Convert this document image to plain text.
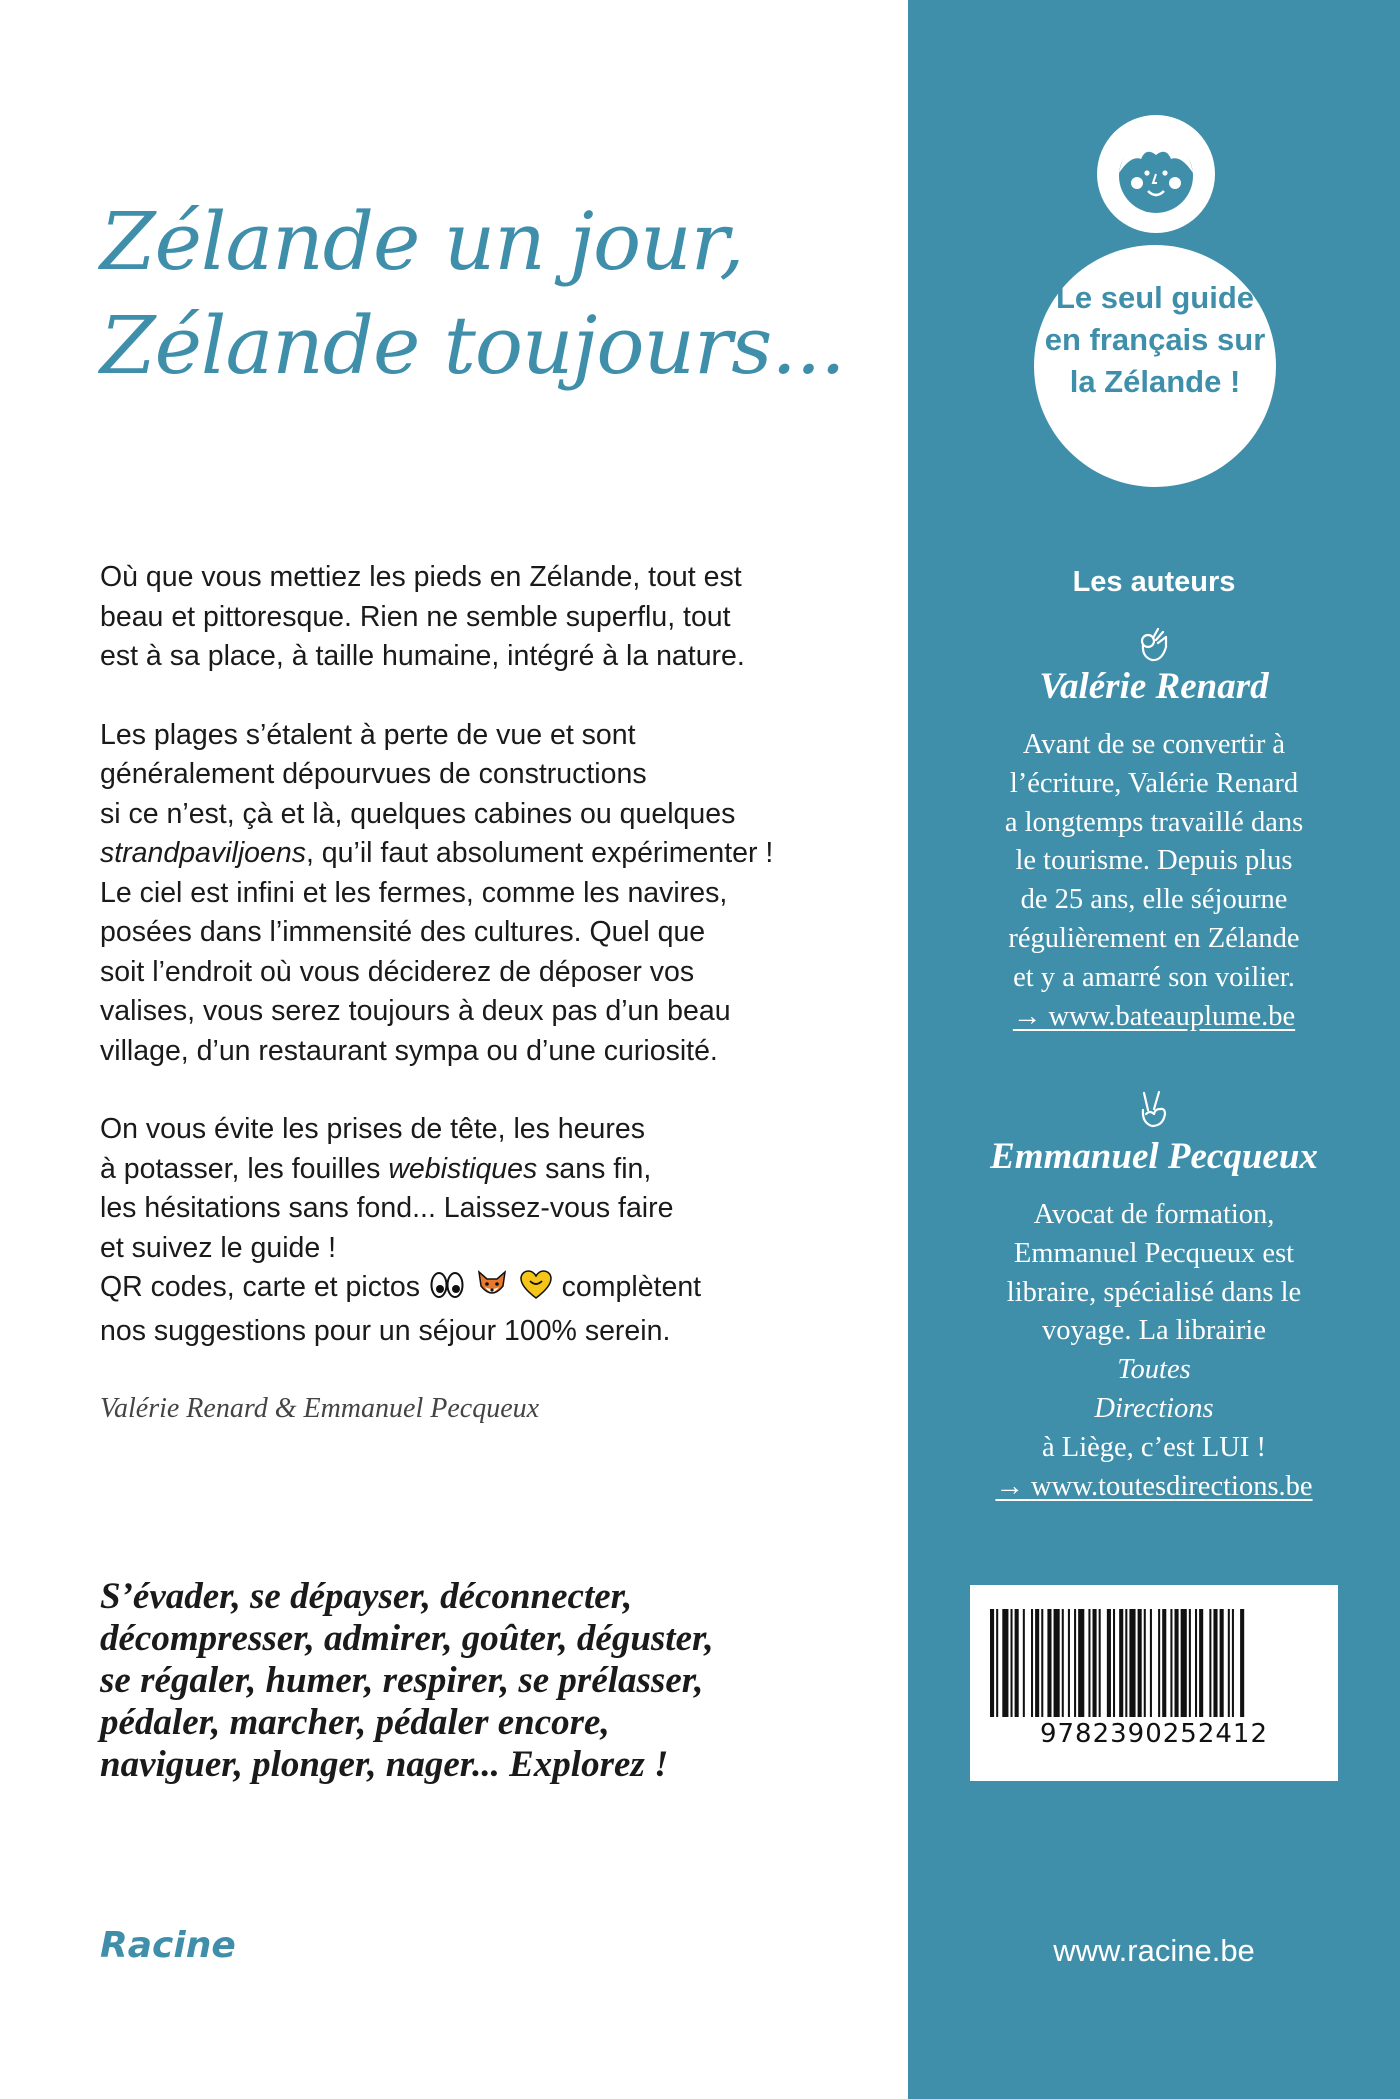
Zélande un jour,
Zélande toujours...

Où que vous mettiez les pieds en Zélande, tout est
beau et pittoresque. Rien ne semble superflu, tout
est à sa place, à taille humaine, intégré à la nature.

Les plages s’étalent à perte de vue et sont
généralement dépourvues de constructions
si ce n’est, çà et là, quelques cabines ou quelques
strandpaviljoens, qu’il faut absolument expérimenter !
Le ciel est infini et les fermes, comme les navires,
posées dans l’immensité des cultures. Quel que
soit l’endroit où vous déciderez de déposer vos
valises, vous serez toujours à deux pas d’un beau
village, d’un restaurant sympa ou d’une curiosité.

On vous évite les prises de tête, les heures
à potasser, les fouilles webistiques sans fin,
les hésitations sans fond... Laissez-vous faire
et suivez le guide !
QR codes, carte et pictos	complètent
nos suggestions pour un séjour 100% serein.

Valérie Renard & Emmanuel Pecqueux
S’évader, se dépayser, déconnecter,
décompresser, admirer, goûter, déguster,
se régaler, humer, respirer, se prélasser,
pédaler, marcher, pédaler encore,
naviguer, plonger, nager... Explorez !
Racine
Le seul guide
en français sur
la Zélande !
Les auteurs
Valérie Renard
Avant de se convertir à
l’écriture, Valérie Renard
a longtemps travaillé dans
le tourisme. Depuis plus
de 25 ans, elle séjourne
régulièrement en Zélande
et y a amarré son voilier.
→ www.bateauplume.be
Emmanuel Pecqueux
Avocat de formation,
Emmanuel Pecqueux est
libraire, spécialisé dans le
voyage. La librairie
Toutes
Directions
à Liège, c’est LUI !
→ www.toutesdirections.be
9782390252412
www.racine.be
